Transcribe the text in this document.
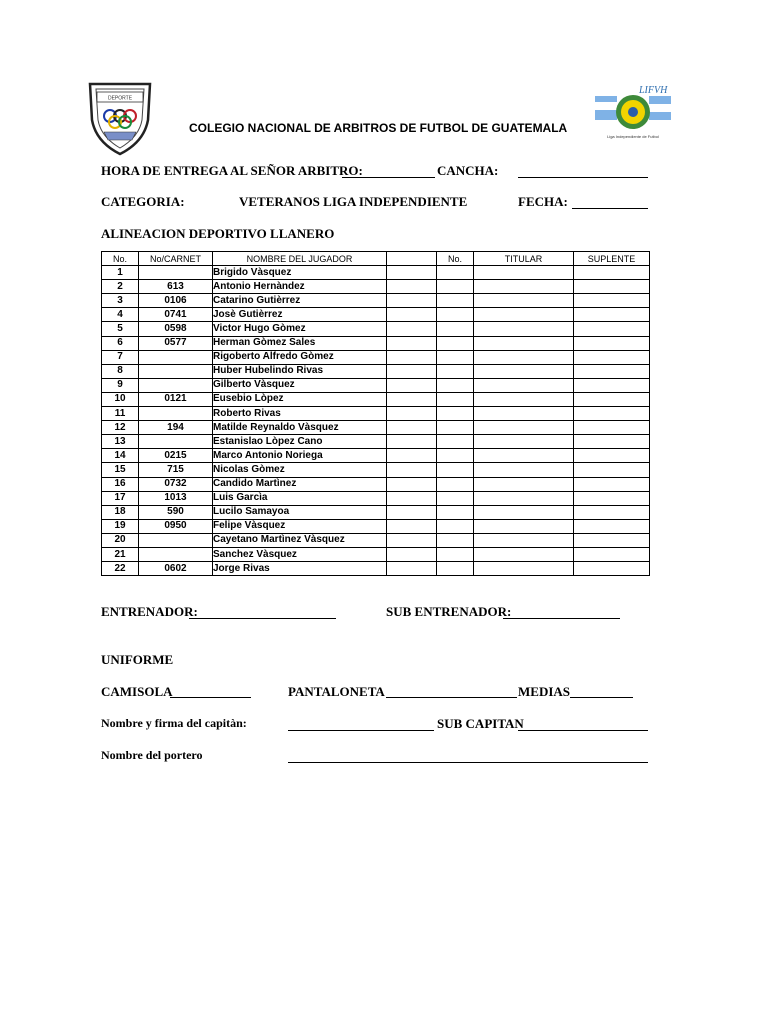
DEPORTE
COLEGIO NACIONAL DE ARBITROS DE FUTBOL DE GUATEMALA
LIFVH
Liga Independiente de Futbol
HORA DE ENTREGA AL SEÑOR ARBITRO:	CANCHA:
CATEGORIA:	VETERANOS LIGA INDEPENDIENTE	FECHA:
ALINEACION DEPORTIVO LLANERO
No.	No/CARNET	NOMBRE DEL JUGADOR		No.	TITULAR	SUPLENTE
1		Brigido Vàsquez				
2	613	Antonio Hernàndez				
3	0106	Catarino Gutièrrez				
4	0741	Josè Gutièrrez				
5	0598	Victor Hugo Gòmez				
6	0577	Herman Gòmez Sales				
7		Rigoberto Alfredo Gòmez				
8		Huber Hubelindo Rivas				
9		Gilberto Vàsquez				
10	0121	Eusebio Lòpez				
11		Roberto Rivas				
12	194	Matilde Reynaldo Vàsquez				
13		Estanislao Lòpez Cano				
14	0215	Marco Antonio Noriega				
15	715	Nicolas Gòmez				
16	0732	Candido Martìnez				
17	1013	Luis Garcìa				
18	590	Lucilo Samayoa				
19	0950	Felipe Vàsquez				
20		Cayetano Martìnez Vàsquez				
21		Sanchez Vàsquez				
22	0602	Jorge Rivas				
ENTRENADOR:	SUB ENTRENADOR:
UNIFORME
CAMISOLA	PANTALONETA	MEDIAS
Nombre y firma del capitàn:	SUB CAPITAN
Nombre del portero
